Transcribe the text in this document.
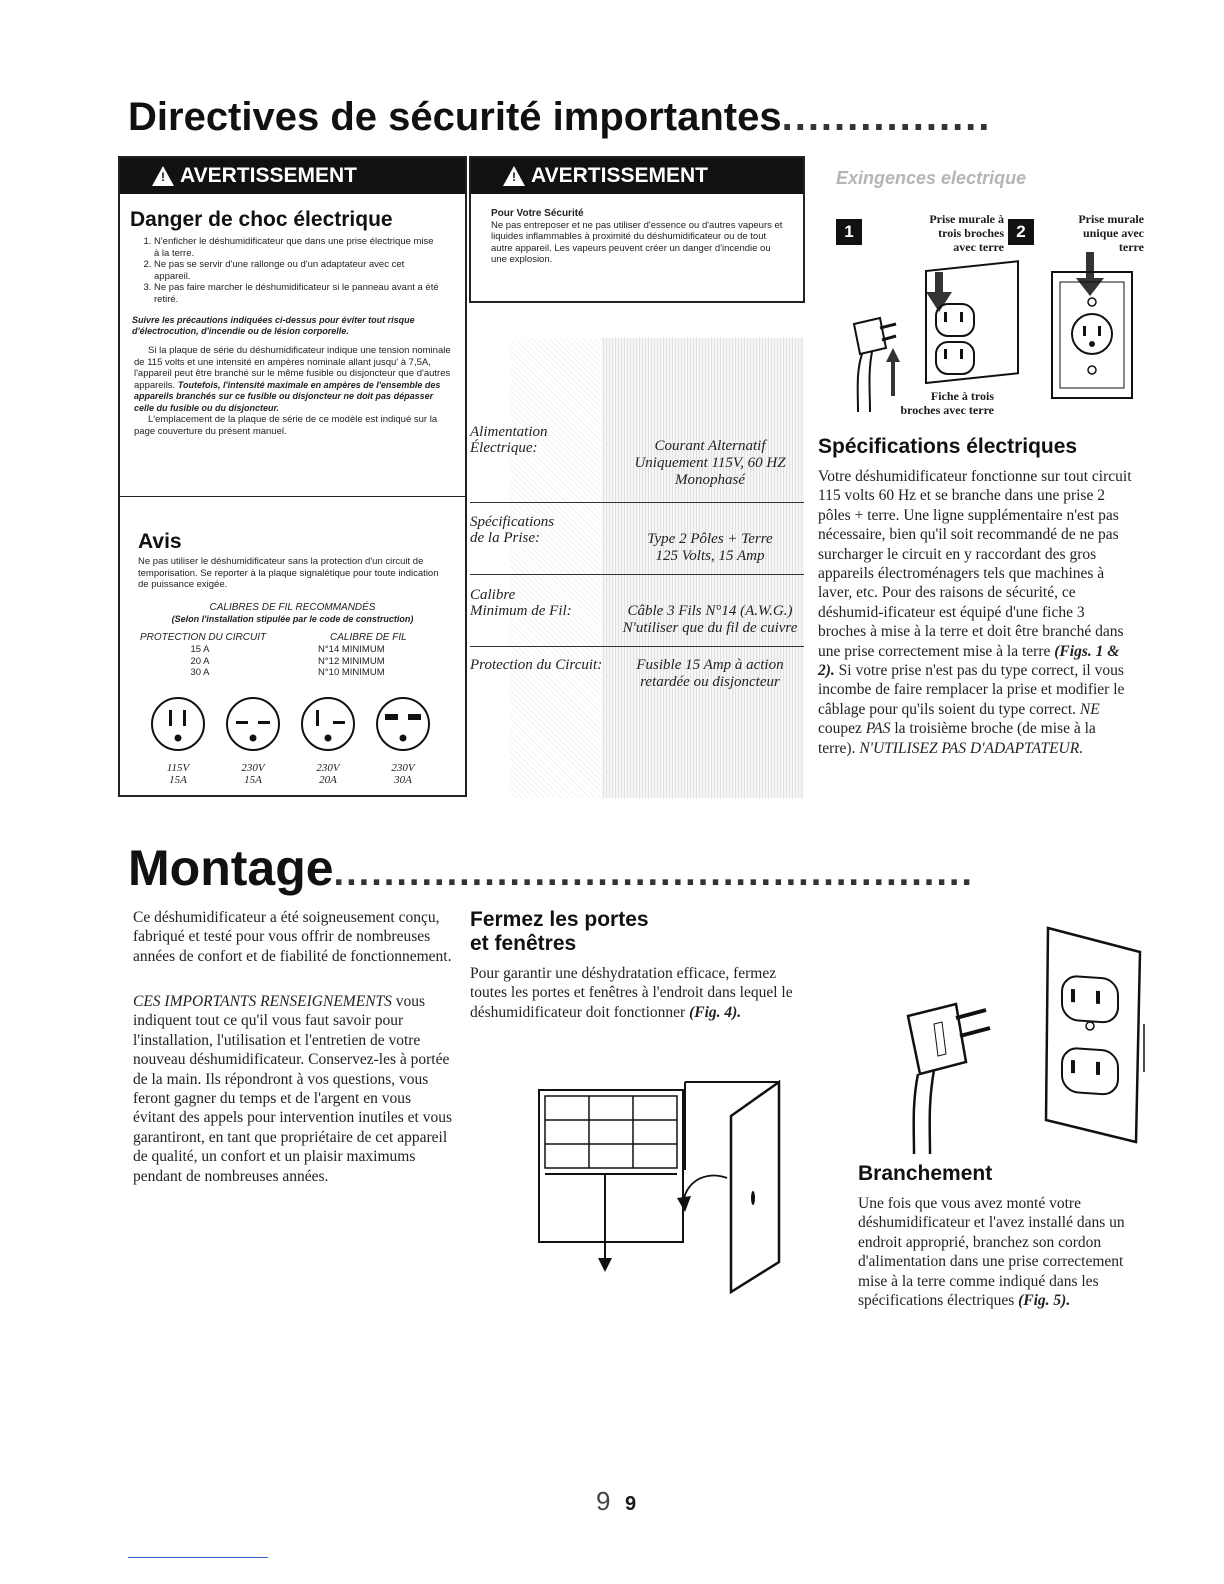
Directives de sécurité importantes................
! AVERTISSEMENT
Danger de choc électrique
1. N'enficher le déshumidificateur que dans une prise électrique mise à la terre.
2. Ne pas se servir d'une rallonge ou d'un adaptateur avec cet appareil.
3. Ne pas faire marcher le déshumidificateur si le panneau avant a été retiré.
Suivre les précautions indiquées ci-dessus pour éviter tout risque d'électrocution, d'incendie ou de lésion corporelle.
Si la plaque de série du déshumidificateur indique une tension nominale de 115 volts et une intensité en ampères nominale allant jusqu' à 7,5A, l'appareil peut être branché sur le même fusible ou disjoncteur que d'autres appareils. Toutefois, l'intensité maximale en ampères de l'ensemble des appareils branchés sur ce fusible ou disjoncteur ne doit pas dépasser celle du fusible ou du disjoncteur.
L'emplacement de la plaque de série de ce modèle est indiqué sur la page couverture du présent manuel.
Avis
Ne pas utiliser le déshumidificateur sans la protection d'un circuit de temporisation. Se reporter à la plaque signalétique pour toute indication de puissance exigée.
CALIBRES DE FIL RECOMMANDÉS
(Selon l'installation stipulée par le code de construction)
PROTECTION DU CIRCUIT	CALIBRE DE FIL
15 A	N°14 MINIMUM
20 A	N°12 MINIMUM
30 A	N°10 MINIMUM
115V
15A
230V
15A
230V
20A
230V
30A
! AVERTISSEMENT
Pour Votre Sécurité
Ne pas entreposer et ne pas utiliser d'essence ou d'autres vapeurs et liquides inflammables à proximité du déshumidificateur ou de tout autre appareil. Les vapeurs peuvent créer un danger d'incendie ou une explosion.
Alimentation
Électrique:	Courant Alternatif
Uniquement 115V, 60 HZ
Monophasé
Spécifications
de la Prise:	Type 2 Pôles + Terre
125 Volts, 15 Amp
Calibre
Minimum de Fil:	Câble 3 Fils N°14 (A.W.G.)
N'utiliser que du fil de cuivre
Protection du Circuit:	Fusible 15 Amp à action
retardée ou disjoncteur
Exingences electrique
1
Prise murale à
trois broches
avec terre
2
Prise murale
unique avec
terre
Fiche à trois
broches avec terre
Spécifications électriques
Votre déshumidificateur fonctionne sur tout circuit 115 volts 60 Hz et se branche dans une prise 2 pôles + terre. Une ligne supplémentaire n'est pas nécessaire, bien qu'il soit recommandé de ne pas surcharger le circuit en y raccordant des gros appareils électroménagers tels que machines à laver, etc. Pour des raisons de sécurité, ce déshumid-ificateur est équipé d'une fiche 3 broches à mise à la terre et doit être branché dans une prise correctement mise à la terre (Figs. 1 & 2). Si votre prise n'est pas du type correct, il vous incombe de faire remplacer la prise et modifier le câblage pour qu'ils soient du type correct. NE coupez PAS la troisième broche (de mise à la terre). N'UTILISEZ PAS D'ADAPTATEUR.
Montage...................................................
Ce déshumidificateur a été soigneusement conçu, fabriqué et testé pour vous offrir de nombreuses années de confort et de fiabilité de fonctionnement.
CES IMPORTANTS RENSEIGNEMENTS vous indiquent tout ce qu'il vous faut savoir pour l'installation, l'utilisation et l'entretien de votre nouveau déshumidificateur. Conservez-les à portée de la main. Ils répondront à vos questions, vous feront gagner du temps et de l'argent en vous évitant des appels pour intervention inutiles et vous garantiront, en tant que propriétaire de cet appareil de qualité, un confort et un plaisir maximums pendant de nombreuses années.
Fermez les portes
et fenêtres
Pour garantir une déshydratation efficace, fermez toutes les portes et fenêtres à l'endroit dans lequel le déshumidificateur doit fonctionner (Fig. 4).
Branchement
Une fois que vous avez monté votre déshumidificateur et l'avez installé dans un endroit approprié, branchez son cordon d'alimentation dans une prise correctement mise à la terre comme indiqué dans les spécifications électriques (Fig. 5).
9 9
